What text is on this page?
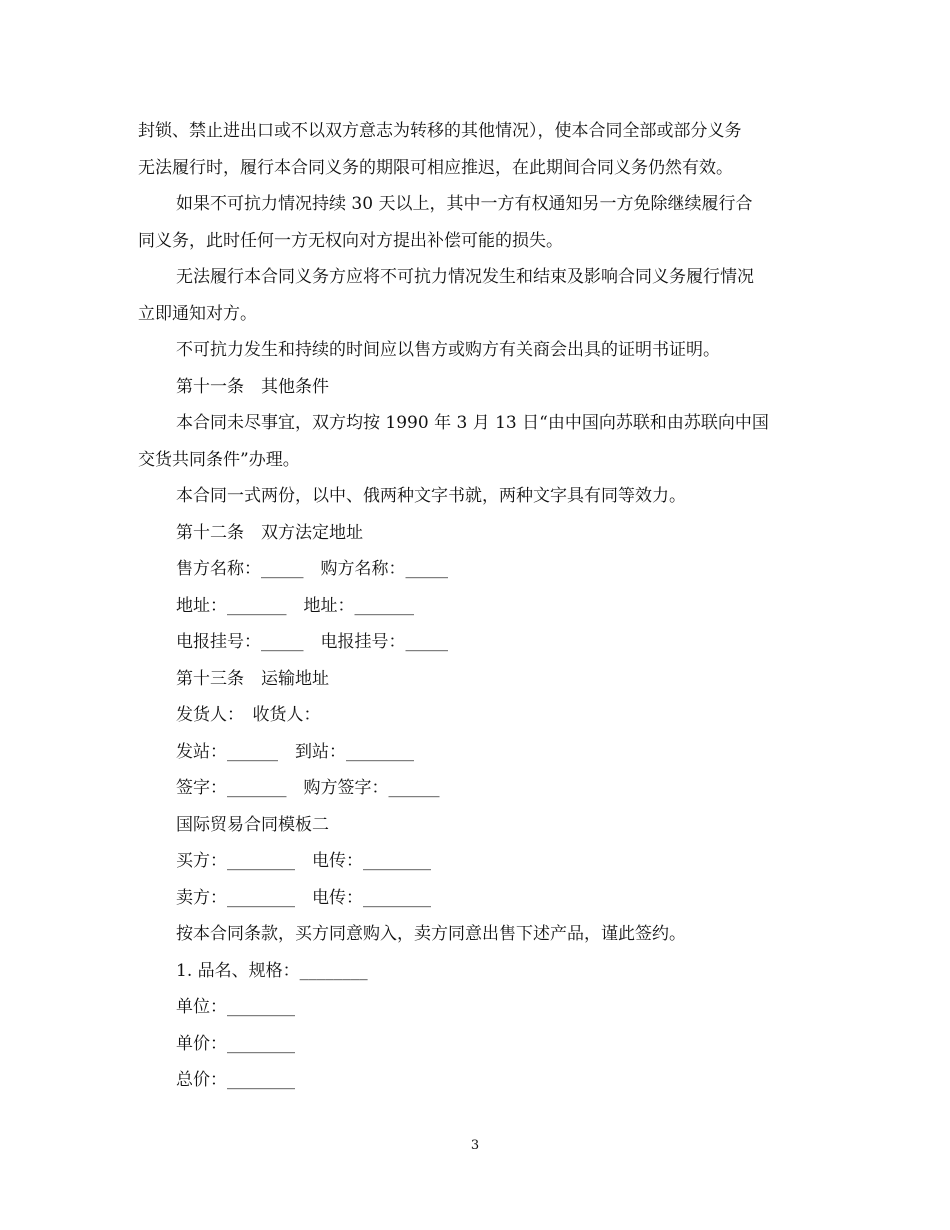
封锁、禁止进出口或不以双方意志为转移的其他情况），使本合同全部或部分义务

无法履行时，履行本合同义务的期限可相应推迟，在此期间合同义务仍然有效。

如果不可抗力情况持续 30 天以上，其中一方有权通知另一方免除继续履行合

同义务，此时任何一方无权向对方提出补偿可能的损失。

无法履行本合同义务方应将不可抗力情况发生和结束及影响合同义务履行情况

立即通知对方。

不可抗力发生和持续的时间应以售方或购方有关商会出具的证明书证明。

第十一条　其他条件

本合同未尽事宜，双方均按 1990 年 3 月 13 日“由中国向苏联和由苏联向中国

交货共同条件”办理。

本合同一式两份，以中、俄两种文字书就，两种文字具有同等效力。

第十二条　双方法定地址

售方名称：_____　购方名称：_____

地址：_______　地址：_______

电报挂号：_____　电报挂号：_____

第十三条　运输地址

发货人：　收货人：

发站：______　到站：________

签字：_______　购方签字：______

国际贸易合同模板二

买方：________　电传：________

卖方：________　电传：________

按本合同条款，买方同意购入，卖方同意出售下述产品，谨此签约。

1. 品名、规格：________

单位：________

单价：________

总价：________

3
